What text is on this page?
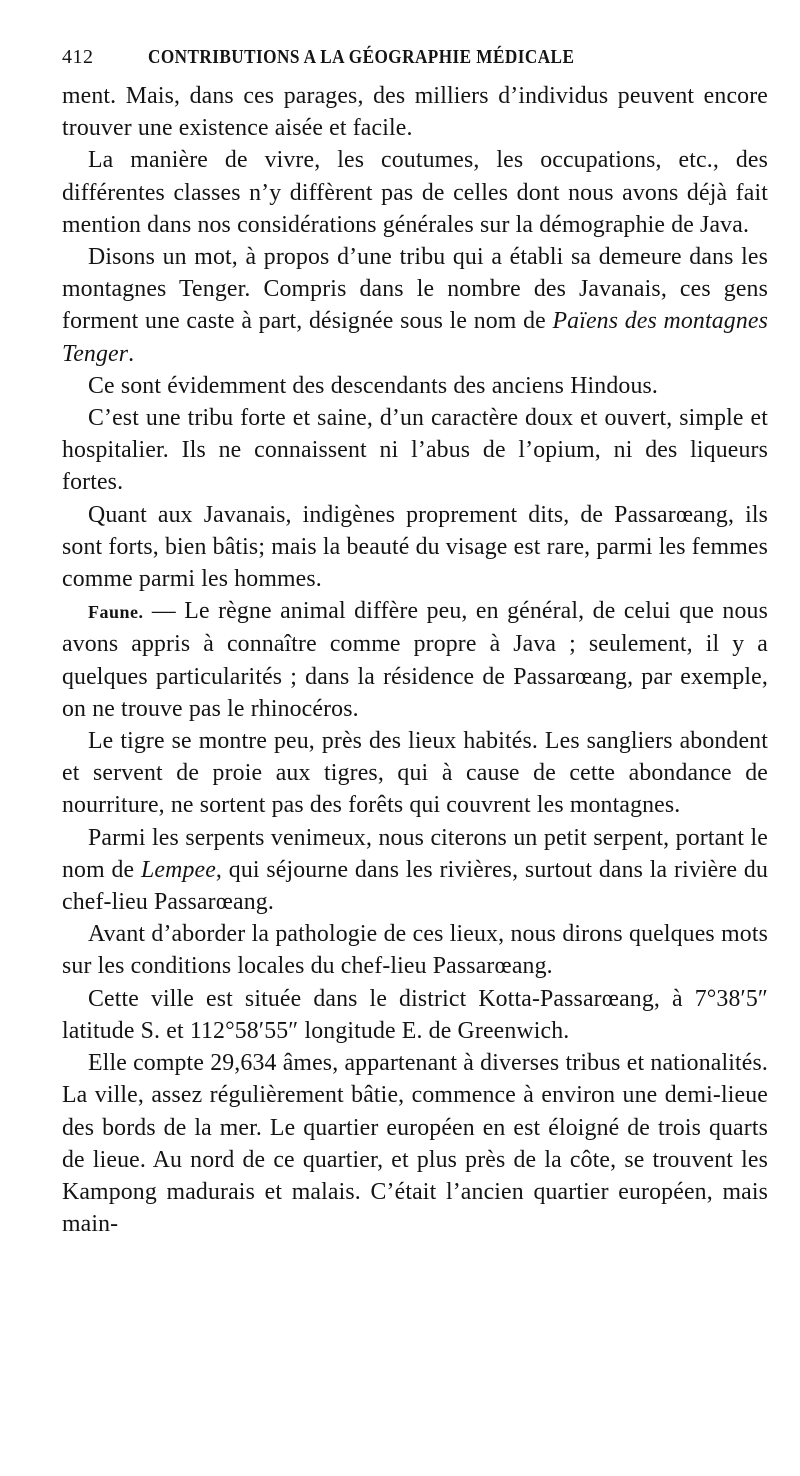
412	CONTRIBUTIONS A LA GÉOGRAPHIE MÉDICALE

ment. Mais, dans ces parages, des milliers d’individus peuvent encore trouver une existence aisée et facile.

La manière de vivre, les coutumes, les occupations, etc., des différentes classes n’y diffèrent pas de celles dont nous avons déjà fait mention dans nos considérations générales sur la démographie de Java.

Disons un mot, à propos d’une tribu qui a établi sa demeure dans les montagnes Tenger. Compris dans le nombre des Javanais, ces gens forment une caste à part, désignée sous le nom de Païens des montagnes Tenger.

Ce sont évidemment des descendants des anciens Hindous.

C’est une tribu forte et saine, d’un caractère doux et ouvert, simple et hospitalier. Ils ne connaissent ni l’abus de l’opium, ni des liqueurs fortes.

Quant aux Javanais, indigènes proprement dits, de Passarœang, ils sont forts, bien bâtis; mais la beauté du visage est rare, parmi les femmes comme parmi les hommes.

Faune. — Le règne animal diffère peu, en général, de celui que nous avons appris à connaître comme propre à Java ; seulement, il y a quelques particularités ; dans la résidence de Passarœang, par exemple, on ne trouve pas le rhinocéros.

Le tigre se montre peu, près des lieux habités. Les sangliers abondent et servent de proie aux tigres, qui à cause de cette abondance de nourriture, ne sortent pas des forêts qui couvrent les montagnes.

Parmi les serpents venimeux, nous citerons un petit serpent, portant le nom de Lempee, qui séjourne dans les rivières, surtout dans la rivière du chef-lieu Passarœang.

Avant d’aborder la pathologie de ces lieux, nous dirons quelques mots sur les conditions locales du chef-lieu Passarœang.

Cette ville est située dans le district Kotta-Passarœang, à 7°38′5″ latitude S. et 112°58′55″ longitude E. de Greenwich.

Elle compte 29,634 âmes, appartenant à diverses tribus et nationalités. La ville, assez régulièrement bâtie, commence à environ une demi-lieue des bords de la mer. Le quartier européen en est éloigné de trois quarts de lieue. Au nord de ce quartier, et plus près de la côte, se trouvent les Kampong madurais et malais. C’était l’ancien quartier européen, mais main-
